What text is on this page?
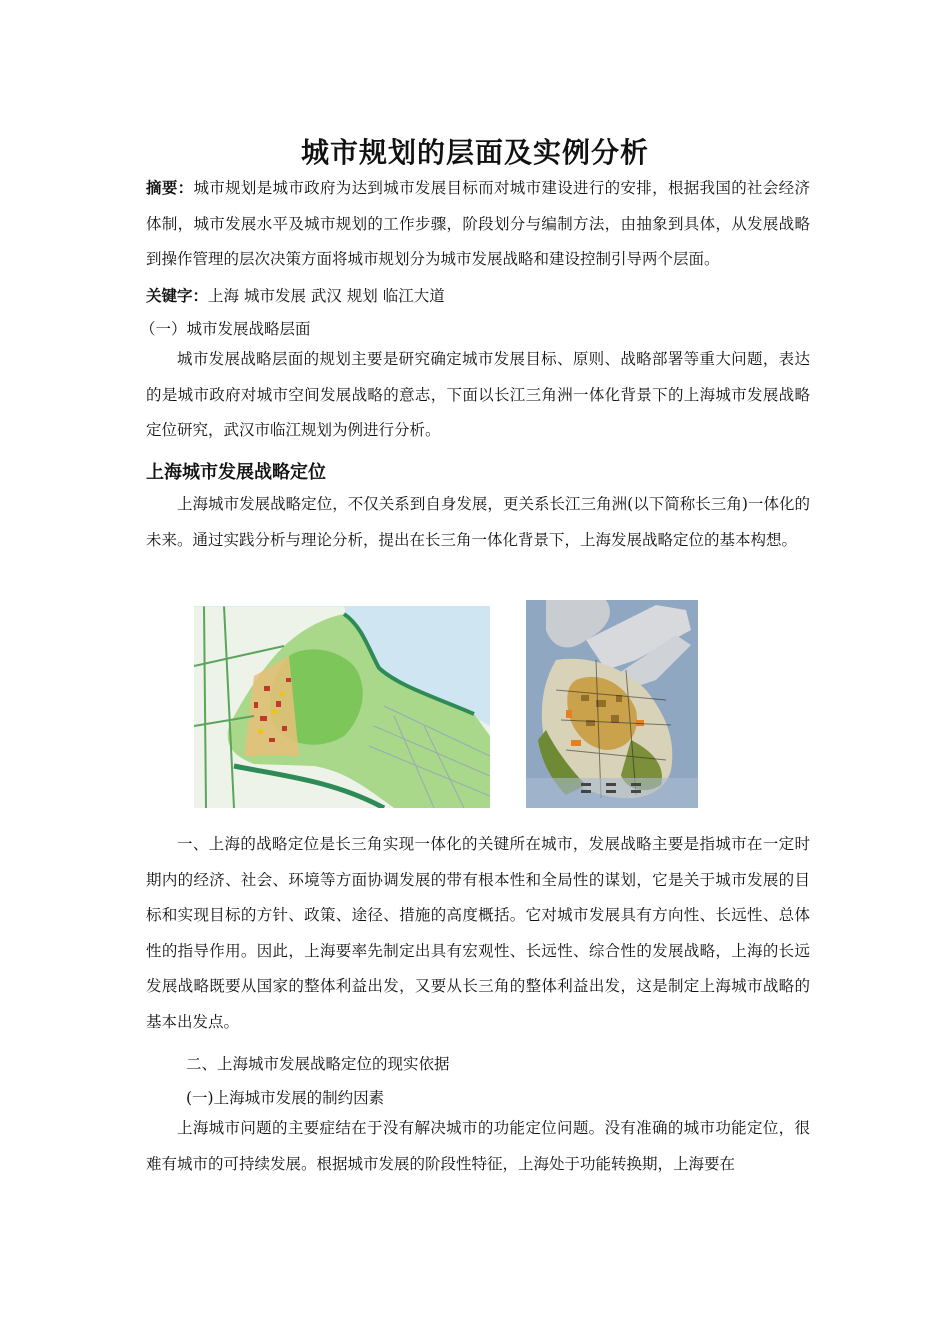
城市规划的层面及实例分析

摘要：城市规划是城市政府为达到城市发展目标而对城市建设进行的安排，根据我国的社会经济体制，城市发展水平及城市规划的工作步骤，阶段划分与编制方法，由抽象到具体，从发展战略到操作管理的层次决策方面将城市规划分为城市发展战略和建设控制引导两个层面。

关键字：上海 城市发展 武汉 规划 临江大道
（一）城市发展战略层面

城市发展战略层面的规划主要是研究确定城市发展目标、原则、战略部署等重大问题，表达的是城市政府对城市空间发展战略的意志，下面以长江三角洲一体化背景下的上海城市发展战略定位研究，武汉市临江规划为例进行分析。

上海城市发展战略定位

上海城市发展战略定位，不仅关系到自身发展，更关系长江三角洲(以下简称长三角)一体化的未来。通过实践分析与理论分析，提出在长三角一体化背景下，上海发展战略定位的基本构想。

一、上海的战略定位是长三角实现一体化的关键所在城市，发展战略主要是指城市在一定时期内的经济、社会、环境等方面协调发展的带有根本性和全局性的谋划，它是关于城市发展的目标和实现目标的方针、政策、途径、措施的高度概括。它对城市发展具有方向性、长远性、总体性的指导作用。因此，上海要率先制定出具有宏观性、长远性、综合性的发展战略，上海的长远发展战略既要从国家的整体利益出发，又要从长三角的整体利益出发，这是制定上海城市战略的基本出发点。

二、上海城市发展战略定位的现实依据
(一)上海城市发展的制约因素

上海城市问题的主要症结在于没有解决城市的功能定位问题。没有准确的城市功能定位，很难有城市的可持续发展。根据城市发展的阶段性特征，上海处于功能转换期，上海要在
